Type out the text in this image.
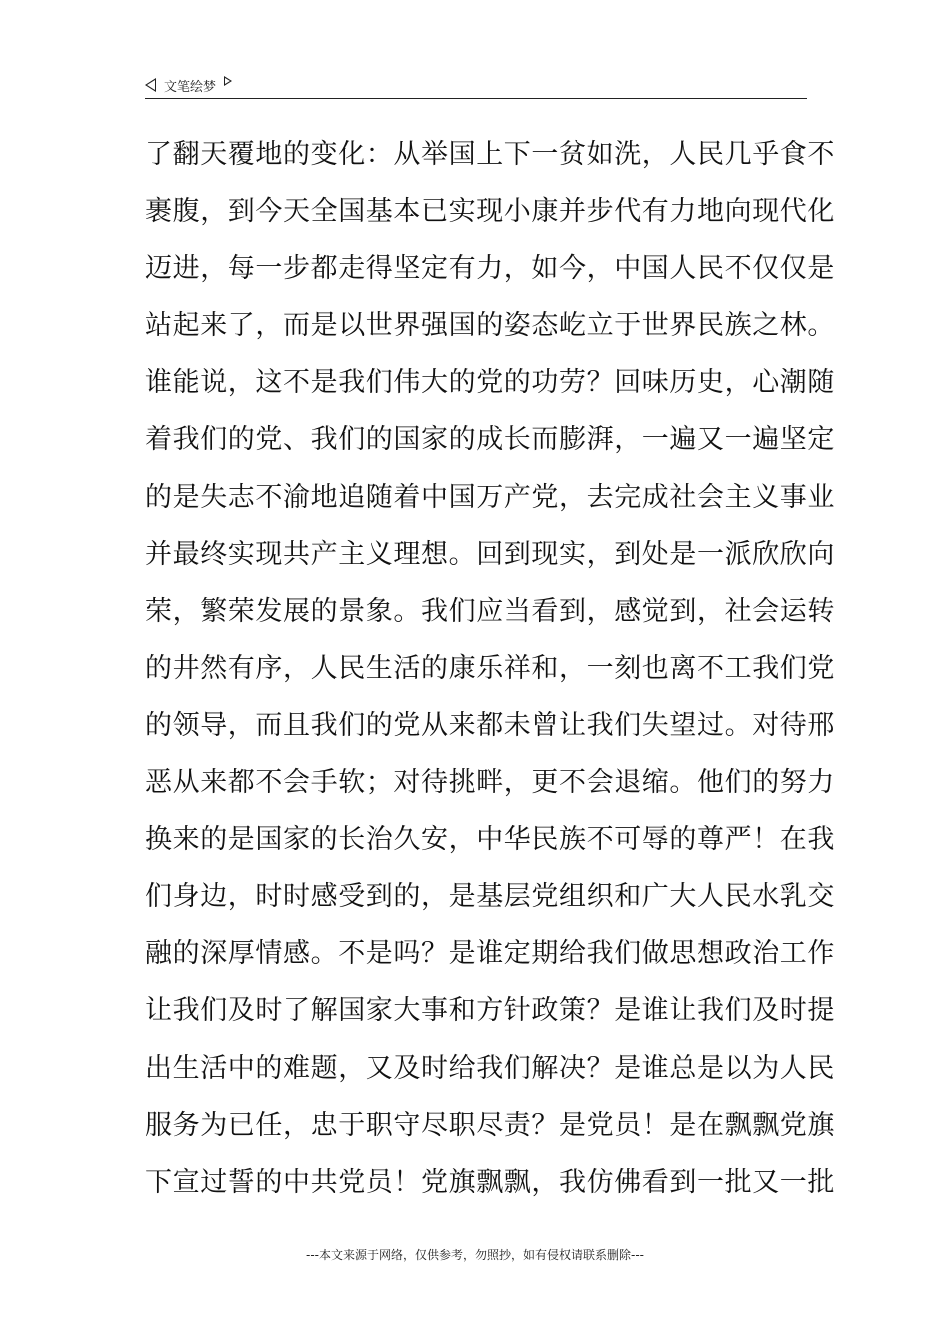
文笔绘梦
了翻天覆地的变化：从举国上下一贫如洗，人民几乎食不
裹腹，到今天全国基本已实现小康并步代有力地向现代化
迈进，每一步都走得坚定有力，如今，中国人民不仅仅是
站起来了，而是以世界强国的姿态屹立于世界民族之林。
谁能说，这不是我们伟大的党的功劳？回味历史，心潮随
着我们的党、我们的国家的成长而膨湃，一遍又一遍坚定
的是失志不渝地追随着中国万产党，去完成社会主义事业
并最终实现共产主义理想。回到现实，到处是一派欣欣向
荣，繁荣发展的景象。我们应当看到，感觉到，社会运转
的井然有序，人民生活的康乐祥和，一刻也离不工我们党
的领导，而且我们的党从来都未曾让我们失望过。对待邢
恶从来都不会手软；对待挑畔，更不会退缩。他们的努力
换来的是国家的长治久安，中华民族不可辱的尊严！在我
们身边，时时感受到的，是基层党组织和广大人民水乳交
融的深厚情感。不是吗？是谁定期给我们做思想政治工作
让我们及时了解国家大事和方针政策？是谁让我们及时提
出生活中的难题，又及时给我们解决？是谁总是以为人民
服务为已任，忠于职守尽职尽责？是党员！是在飘飘党旗
下宣过誓的中共党员！党旗飘飘，我仿佛看到一批又一批
---本文来源于网络，仅供参考，勿照抄，如有侵权请联系删除---
